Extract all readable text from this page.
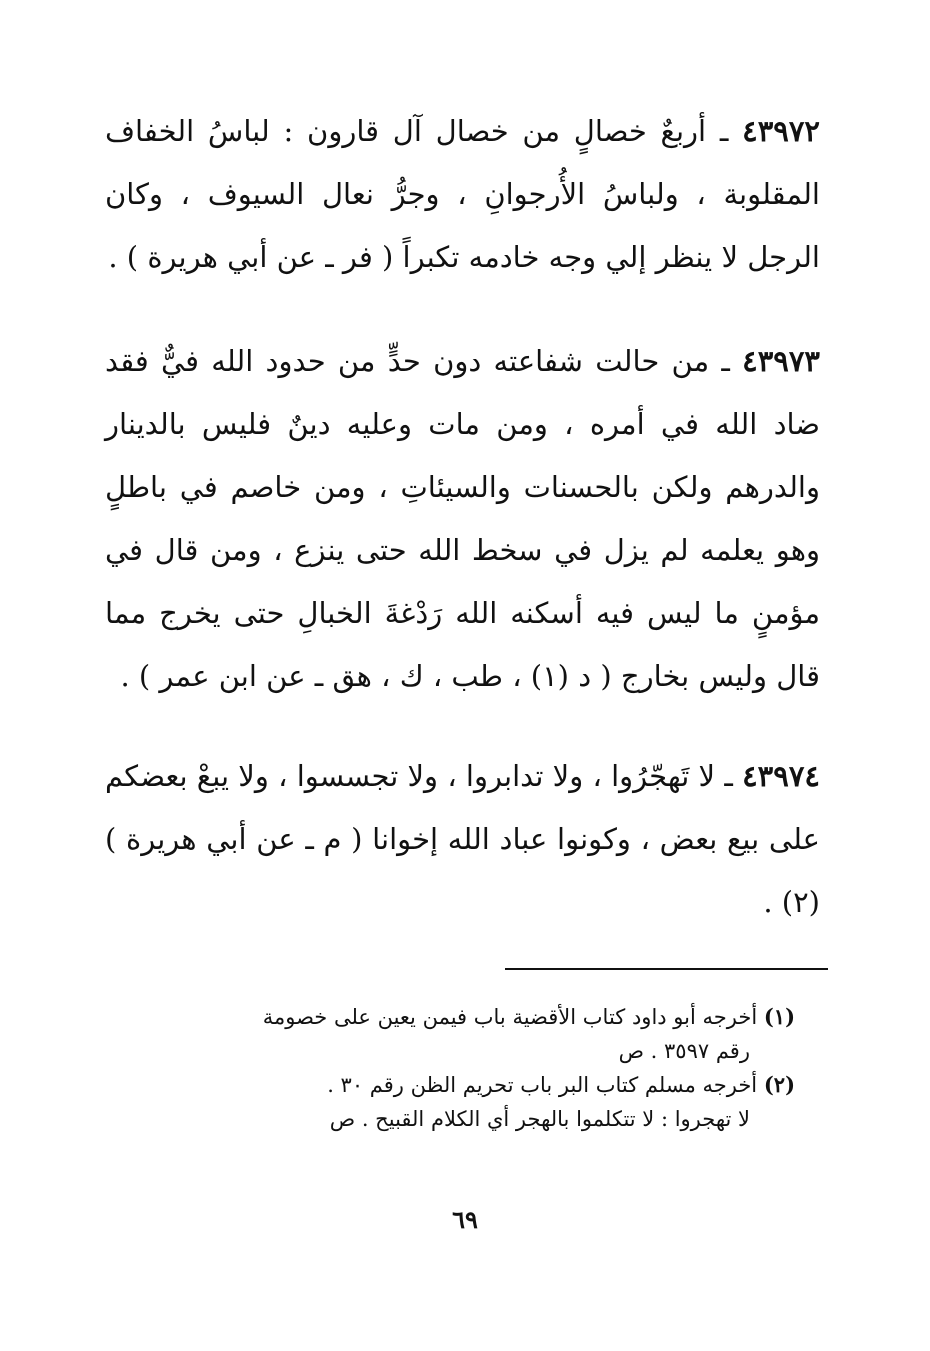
٤٣٩٧٢ ـ أربعٌ خصالٍ من خصال آل قارون : لباسُ الخفاف المقلوبة ، ولباسُ الأُرجوانِ ، وجرُّ نعال السيوف ، وكان الرجل لا ينظر إلي وجه خادمه تكبراً ( فر ـ عن أبي هريرة ) .

٤٣٩٧٣ ـ من حالت شفاعته دون حدٍّ من حدود الله فيٌّ فقد ضاد الله في أمره ، ومن مات وعليه دينٌ فليس بالدينار والدرهم ولكن بالحسنات والسيئاتِ ، ومن خاصم في باطلٍ وهو يعلمه لم يزل في سخط الله حتى ينزع ، ومن قال في مؤمنٍ ما ليس فيه أسكنه الله رَدْغةَ الخبالِ حتى يخرج مما قال وليس بخارج ( د (١) ، طب ، ك ، هق ـ عن ابن عمر ) .

٤٣٩٧٤ ـ لا تَهجّرُوا ، ولا تدابروا ، ولا تجسسوا ، ولا يبعْ بعضكم على بيع بعض ، وكونوا عباد الله إخوانا ( م ـ عن أبي هريرة ) (٢) .

(١) أخرجه أبو داود كتاب الأقضية باب فيمن يعين على خصومة

رقم ٣٥٩٧ . ص

(٢) أخرجه مسلم كتاب البر باب تحريم الظن رقم ٣٠ .

لا تهجروا : لا تتكلموا بالهجر أي الكلام القبيح . ص

٦٩
